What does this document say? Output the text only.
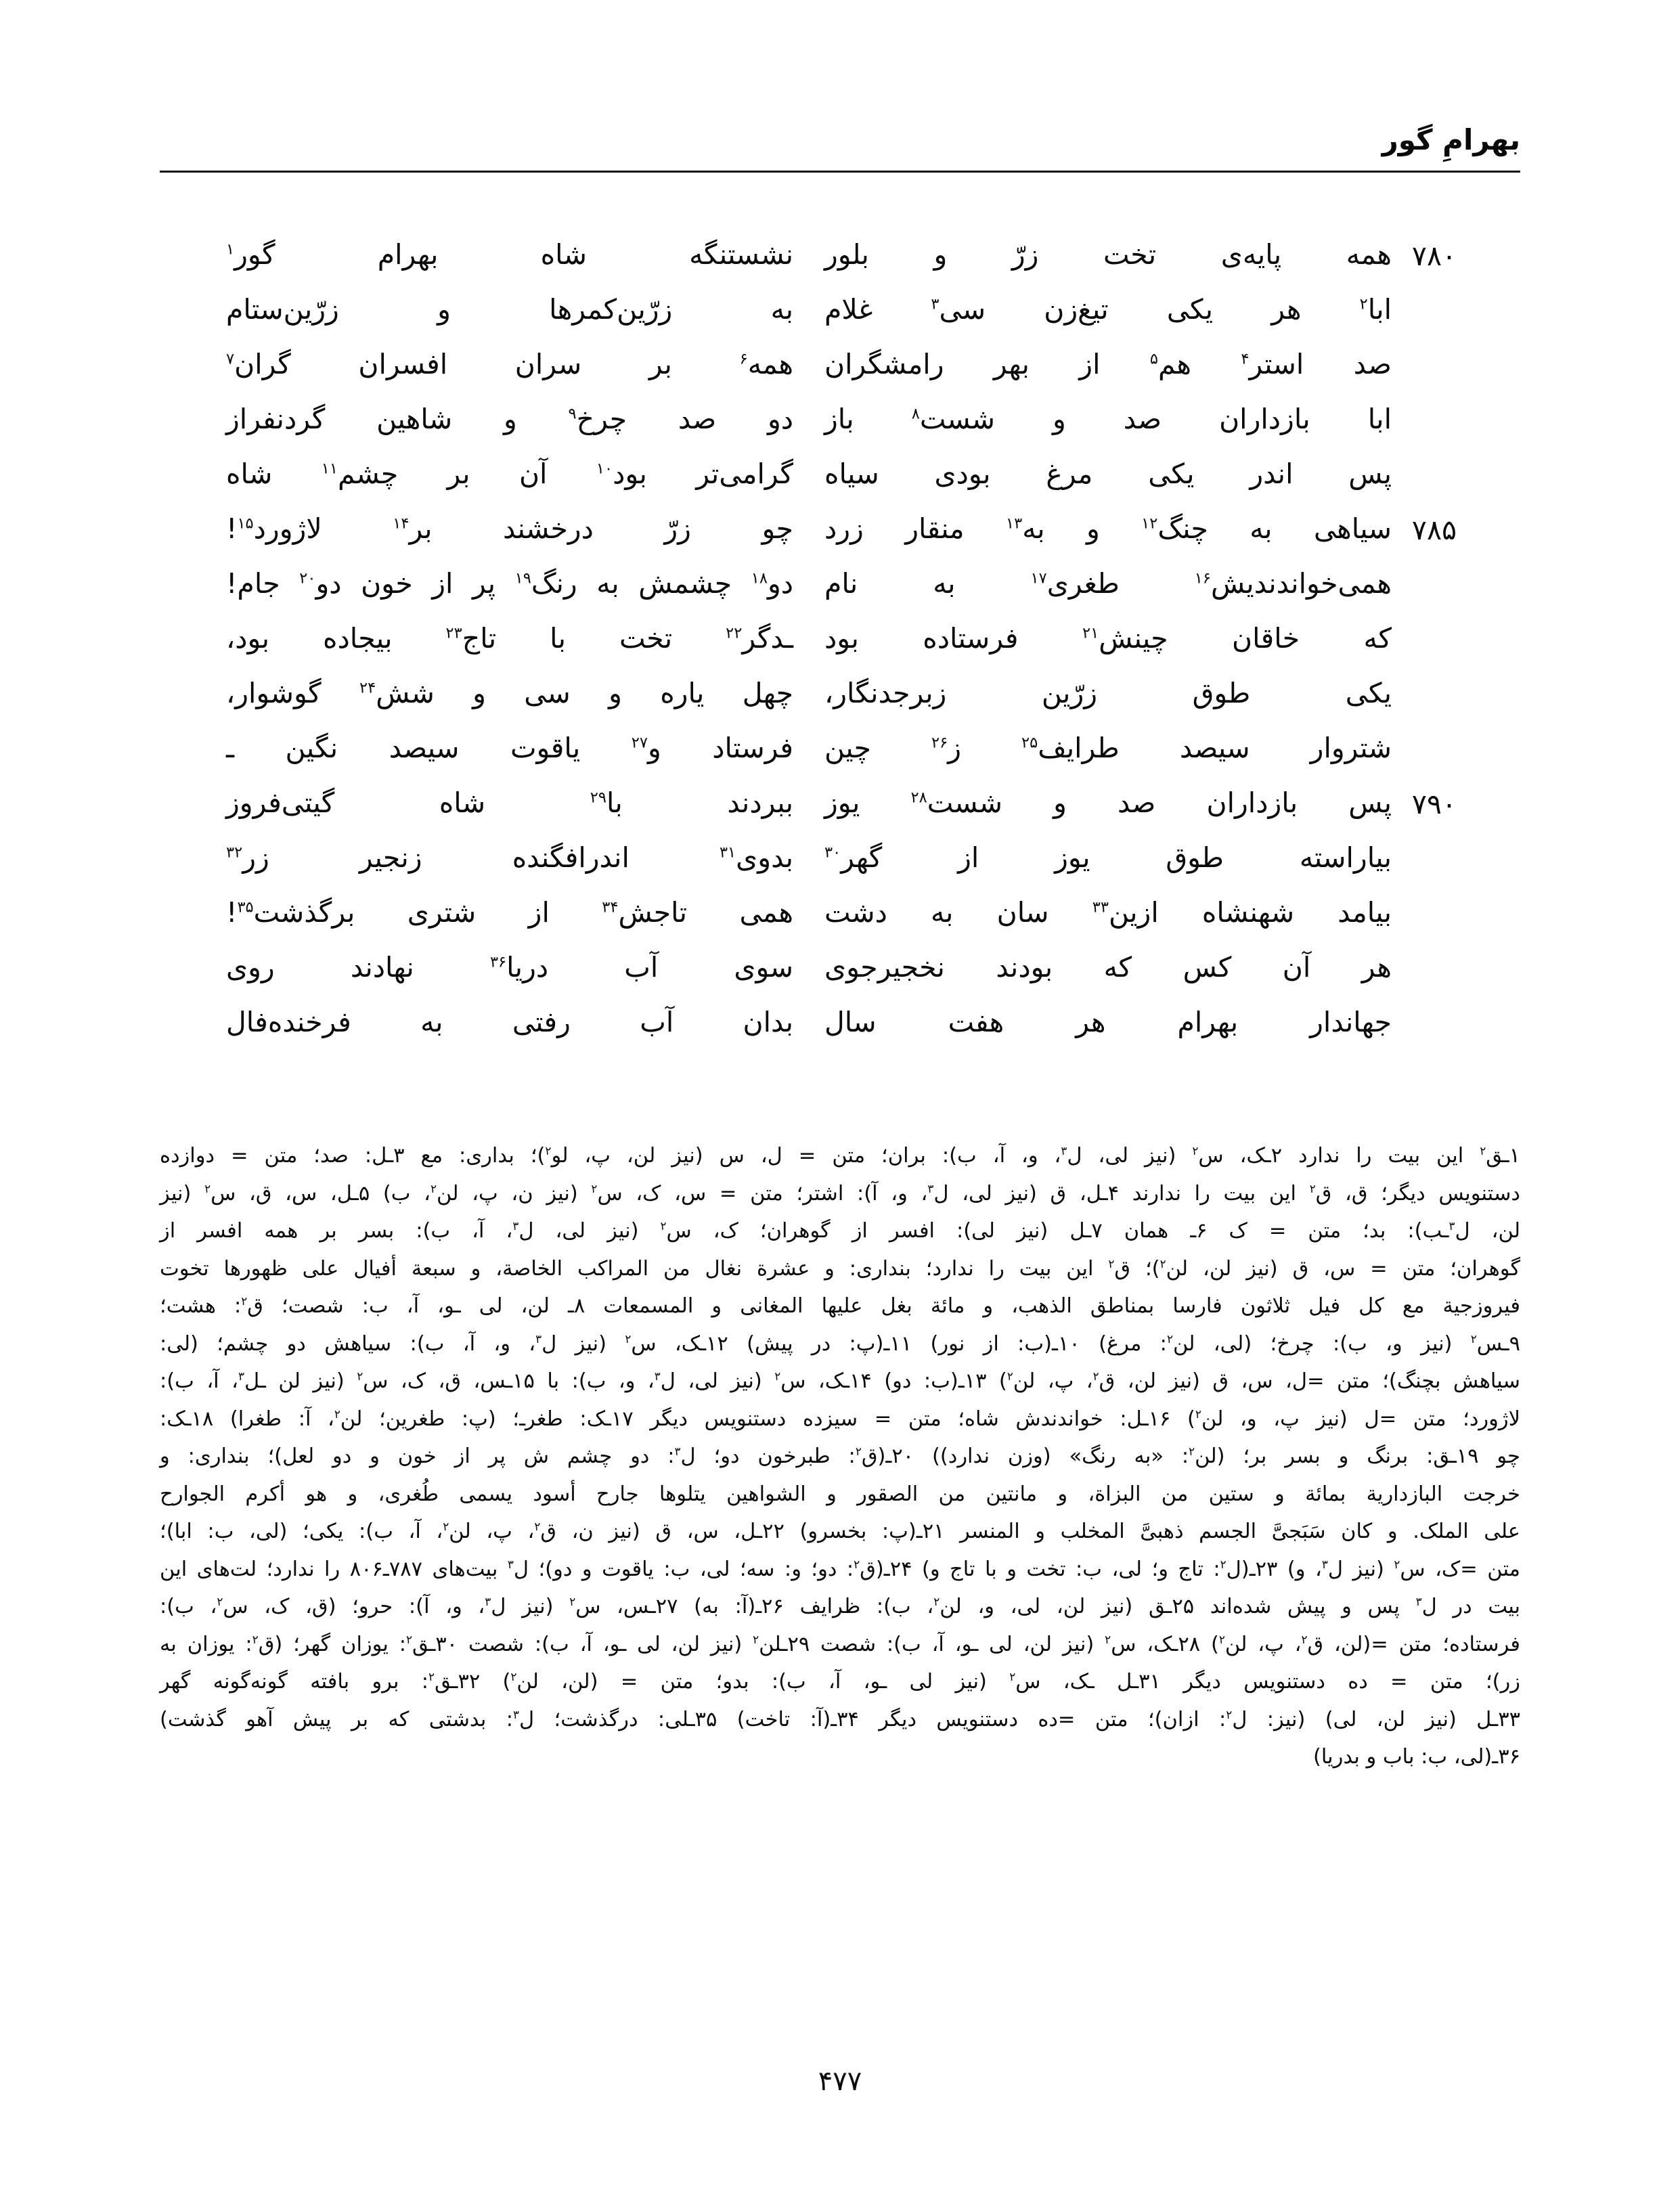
بهرامِ گور
۷۸۰
همه پایه‌ی تخت زرّ و بلور
نشستنگه شاه بهرام گور$^۱$
ابا$^۲$ هر یکی تیغ‌زن سی$^۳$ غلام
به زرّین‌کمرها و زرّین‌ستام
صد استر$^۴$ هم$^۵$ از بهر رامشگران
همه$^۶$ بر سران افسران گران$^۷$
ابا بازداران صد و شست$^۸$ باز
دو صد چرخ$^۹$ و شاهین گردنفراز
پس اندر یکی مرغ بودی سیاه
گرامی‌تر بود$^{۱۰}$ آن بر چشم$^{۱۱}$ شاه
۷۸۵
سیاهی به چنگ$^{۱۲}$ و به$^{۱۳}$ منقار زرد
چو زرّ درخشند بر$^{۱۴}$ لاژورد$^{۱۵}$!
همی‌خواندندیش$^{۱۶}$ طغری$^{۱۷}$ به نام
دو$^{۱۸}$ چشمش به رنگ$^{۱۹}$ پر از خون دو$^{۲۰}$ جام!
که خاقان چینش$^{۲۱}$ فرستاده بود
ـدگر$^{۲۲}$ تخت با تاج$^{۲۳}$ بیجاده بود،
یکی طوق زرّین زبرجدنگار،
چهل یاره و سی و شش$^{۲۴}$ گوشوار،
شتروار سیصد طرایف$^{۲۵}$ ز$^{۲۶}$ چین
فرستاد و$^{۲۷}$ یاقوت سیصد نگین ـ
۷۹۰
پس بازداران صد و شست$^{۲۸}$ یوز
ببردند با$^{۲۹}$ شاه گیتی‌فروز
بیاراسته طوق یوز از گهر$^{۳۰}$
بدوی$^{۳۱}$ اندرافگنده زنجیر زر$^{۳۲}$
بیامد شهنشاه ازین$^{۳۳}$ سان به دشت
همی تاجش$^{۳۴}$ از شتری برگذشت$^{۳۵}$!
هر آن کس که بودند نخجیرجوی
سوی آب دریا$^{۳۶}$ نهادند روی
جهاندار بهرام هر هفت سال
بدان آب رفتی به فرخنده‌فال

۱ـق$^۲$ این بیت را ندارد ۲ـک، س$^۲$ (نیز لی، ل$^۳$، و، آ، ب): بران؛ متن = ل، س (نیز لن، پ، لو$^۲$)؛ بدارى: مع ۳ـل: صد؛ متن = دوازده

دستنویس دیگر؛ ق، ق$^۲$ این بیت را ندارند ۴ـل، ق (نیز لی، ل$^۳$، و، آ): اشتر؛ متن = س، ک، س$^۲$ (نیز ن، پ، لن$^۲$، ب) ۵ـل، س، ق، س$^۲$ (نیز

لن، ل$^۳$ـب): بد؛ متن = ک ۶ـ همان ۷ـل (نیز لی): افسر از گوهران؛ ک، س$^۲$ (نیز لی، ل$^۳$، آ، ب): بسر بر همه افسر از

گوهران؛ متن = س، ق (نیز لن، لن$^۲$)؛ ق$^۲$ این بیت را ندارد؛ بندارى: و عشرة نغال من المراكب الخاصة، و سبعة أفيال على ظهورها تخوت

فيروزجية مع كل فيل ثلاثون فارسا بمناطق الذهب، و مائة بغل عليها المغانى و المسمعات ۸ـ لن، لى ـو، آ، ب: شصت؛ ق$^۲$: هشت؛

۹ـس$^۲$ (نیز و، ب): چرخ؛ (لى، لن$^۲$: مرغ) ۱۰ـ(ب: از نور) ۱۱ـ(پ: در پیش) ۱۲ـک، س$^۲$ (نیز ل$^۳$، و، آ، ب): سیاهش دو چشم؛ (لى:

سیاهش بچنگ)؛ متن =ل، س، ق (نیز لن، ق$^۲$، پ، لن$^۲$) ۱۳ـ(ب: دو) ۱۴ـک، س$^۲$ (نیز لى، ل$^۳$، و، ب): با ۱۵ـس، ق، ک، س$^۲$ (نیز لن ـل$^۳$، آ، ب):

لاژورد؛ متن =ل (نیز پ، و، لن$^۲$) ۱۶ـل: خواندندش شاه؛ متن = سیزده دستنویس دیگر ۱۷ـک: طغرـ؛ (پ: طغرین؛ لن$^۲$، آ: طغرا) ۱۸ـک:

چو ۱۹ـق: برنگ و بسر بر؛ (لن$^۲$: «به رنگ» (وزن ندارد)) ۲۰ـ(ق$^۲$: طبرخون دو؛ ل$^۳$: دو چشم ش پر از خون و دو لعل)؛ بندارى: و

خرجت البازدارية بمائة و ستین من البزاة، و مانتین من الصقور و الشواهین یتلوها جارح أسود یسمی طُغرى، و هو أكرم الجوارح

على الملک. و كان سَبَجىَّ الجسم ذهبىَّ المخلب و المنسر ۲۱ـ(پ: بخسرو) ۲۲ـل، س، ق (نیز ن، ق$^۲$، پ، لن$^۲$، آ، ب): یکى؛ (لى، ب: ابا)؛

متن =ک، س$^۲$ (نیز ل$^۳$، و) ۲۳ـ(ل$^۲$: تاج و؛ لى، ب: تخت و با تاج و) ۲۴ـ(ق$^۲$: دو؛ و: سه؛ لى، ب: یاقوت و دو)؛ ل$^۳$ بیت‌هاى ۷۸۷ـ۸۰۶ را ندارد؛ لت‌هاى این

بیت در ل$^۳$ پس و پیش شده‌اند ۲۵ـق (نیز لن، لى، و، لن$^۲$، ب): ظرایف ۲۶ـ(آ: به) ۲۷ـس، س$^۲$ (نیز ل$^۳$، و، آ): حرو؛ (ق، ک، س$^۲$، ب):

فرستاده؛ متن =(لن، ق$^۲$، پ، لن$^۲$) ۲۸ـک، س$^۲$ (نیز لن، لى ـو، آ، ب): شصت ۲۹ـلن$^۲$ (نیز لن، لى ـو، آ، ب): شصت ۳۰ـق$^۲$: یوزان گهر؛ (ق$^۲$: یوزان به

زر)؛ متن = ده دستنویس دیگر ۳۱ـل ـک، س$^۲$ (نیز لى ـو، آ، ب): بدو؛ متن = (لن، لن$^۲$) ۳۲ـق$^۲$: برو بافته گونه‌گونه گهر

۳۳ـل (نیز لن، لى) (نیز: ل$^۲$: ازان)؛ متن =ده دستنویس دیگر ۳۴ـ(آ: تاخت) ۳۵ـلى: درگذشت؛ ل$^۳$: بدشتى که بر پیش آهو گذشت)

۳۶ـ(لى، ب: باب و بدریا)

۴۷۷
